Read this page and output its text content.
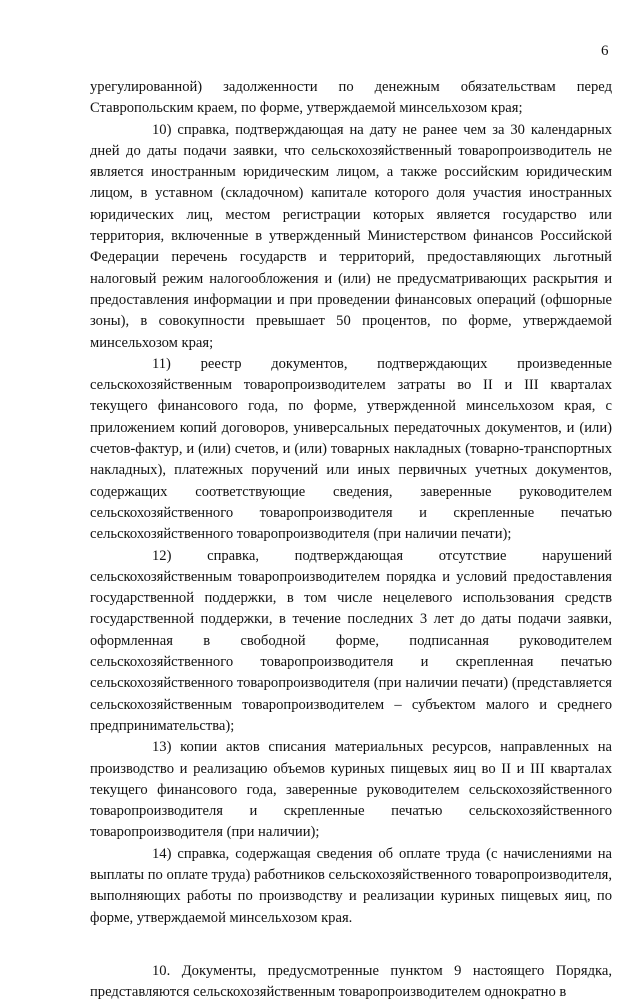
6

урегулированной) задолженности по денежным обязательствам перед Ставропольским краем, по форме, утверждаемой минсельхозом края;

10) справка, подтверждающая на дату не ранее чем за 30 календарных дней до даты подачи заявки, что сельскохозяйственный товаропроизводитель не является иностранным юридическим лицом, а также российским юридическим лицом, в уставном (складочном) капитале которого доля участия иностранных юридических лиц, местом регистрации которых является государство или территория, включенные в утвержденный Министерством финансов Российской Федерации перечень государств и территорий, предоставляющих льготный налоговый режим налогообложения и (или) не предусматривающих раскрытия и предоставления информации и при проведении финансовых операций (офшорные зоны), в совокупности превышает 50 процентов, по форме, утверждаемой минсельхозом края;

11) реестр документов, подтверждающих произведенные сельскохозяйственным товаропроизводителем затраты во II и III кварталах текущего финансового года, по форме, утвержденной минсельхозом края, с приложением копий договоров, универсальных передаточных документов, и (или) счетов-фактур, и (или) счетов, и (или) товарных накладных (товарно-транспортных накладных), платежных поручений или иных первичных учетных документов, содержащих соответствующие сведения, заверенные руководителем сельскохозяйственного товаропроизводителя и скрепленные печатью сельскохозяйственного товаропроизводителя (при наличии печати);

12) справка, подтверждающая отсутствие нарушений сельскохозяйственным товаропроизводителем порядка и условий предоставления государственной поддержки, в том числе нецелевого использования средств государственной поддержки, в течение последних 3 лет до даты подачи заявки, оформленная в свободной форме, подписанная руководителем сельскохозяйственного товаропроизводителя и скрепленная печатью сельскохозяйственного товаропроизводителя (при наличии печати) (представляется сельскохозяйственным товаропроизводителем – субъектом малого и среднего предпринимательства);

13) копии актов списания материальных ресурсов, направленных на производство и реализацию объемов куриных пищевых яиц во II и III кварталах текущего финансового года, заверенные руководителем сельскохозяйственного товаропроизводителя и скрепленные печатью сельскохозяйственного товаропроизводителя (при наличии);

14) справка, содержащая сведения об оплате труда (с начислениями на выплаты по оплате труда) работников сельскохозяйственного товаропроизводителя, выполняющих работы по производству и реализации куриных пищевых яиц, по форме, утверждаемой минсельхозом края.

10. Документы, предусмотренные пунктом 9 настоящего Порядка, представляются сельскохозяйственным товаропроизводителем однократно в
